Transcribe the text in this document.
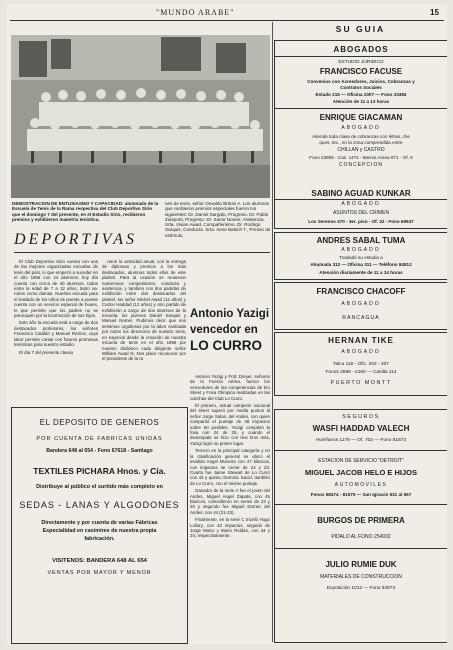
"MUNDO ARABE"	15
DEMOSTRACION DE ENTUSIASMO Y CAPACIDAD: alumnado de la Escuela de Tenis de la Rama respectiva del Club Deportivo Sirio que el domingo 7 del presente, en el Estadio Sirio, recibieron premios y exhibieron maestria tenística.
nes de tenis, señor Osvaldo Britoni A. Los alumnos que recibieron premios especiales fueron los siguientes: Dr. Daniel Sargalo, Progreso. Dr. Pablo Zulepotti, Progreso. Dr. Samir Nomer, Asistencia. Srta. Vivian Awad, Compañerismo. Dr. Rodrigo Sarquis, Conducta. Srta. Irene Baloch T., Premio de estímulo.
DEPORTIVAS

El Club Deportivo Sirio cuenta con una de las mejores organizadas escuelas de tenis del país, lo que empezó a suceder en el año 1966 con 24 alumnos; hoy día cuenta con cerca de 40 alumnos, todos entre la edad de 7 a 12 años, tanto varones como damas. Nuestra escuela para el traslado de los niños de puente a puente cuenta con un servicio especial de buses, lo que permite que los padres no se preocupen por la locomoción de sus hijos.

Este año la escuela está a cargo de dos destacados profesores, los señores Francisco Catalán y Manuel Retiros, cuya labor permite contar con futuros promesas tenísticas para nuestro estadio.

El día 7 del presente clausu

raron la actividad anual, con la entrega de diplomas y premios a los más destacados, alumnos todos ellos de este plantel. Para la ocasión se reunieron numerosos competidores, conducta y asistencia, y también con dos partidas de exhibición entre dos destacados del plantel, los señor Michel Awad (12 años) y Carlos Haddad (12 años) y otro partido de exhibición a cargo de dos alumnos de la escuela, los jóvenes Daniel Sarquis y Manuel Nomer. Pudimos decir que nos sentimos orgullosos por la labor realizada por todos los directores de nuestro tenis, en especial desde la creación de nuestra escuela de tenis en el año 1966 por nuestro dinámico cada dirigente señor William Awad N. Nos place reconocer por el presidente de la ra

Antonio Yazigi
vencedor en
LO CURRO

Antonio Yazigi y Fritz Dreyer, señores de la Fuerza Aérea, fueron los vencedores de las competencias de tiro Skeet y Fosa Olímpica realizadas en las canchas del Club Lo Curro.

El primero, actual campeón nacional del skeet superó por media puntos al señor Jorge Salas, del Andes, con quien compartió el puntaje de 48 impactos sobre 50 posibles. Yazigi completó la fosa con 24 de 25, y cuando el desempate se hizo con tres tiros más, Yazigi logró su primer lugar.

Tercero en la principal categoría y en la clasificación general se ubicó el invalido Angel Muneira con 47 blancos, con impactos se cerrar de 24 y 23. Cuarto fue Jaime Stewart de Lo Curro con 43 y quinto, Dominic Sacid, también de Lo Curro, con el mismo puntaje.

Ganador de la serie A fue el joven del Andes, Miguel Angel Zapata, con 45 blancos, coincidieron en series de 23 y 20 y segundo fue Miguel Domec del Andes, con 44 (21-23).

Finalmente, en la serie C triunfó Hugo Lollory, con 43 impactos, seguido de Jorge Mutro y Mario Roldán, con 34 y 34, respectivamente.

EL DEPOSITO DE GENEROS
POR CUENTA DE FABRICAS UNIDAS
Bandera 648 al 654 - Fono 67618 - Santiago
TEXTILES PICHARA Hnos. y Cía.
Distribuye al público el surtido más completo en
SEDAS - LANAS Y ALGODONES
Directamente y por cuenta de varias Fábricas
Especialidad en casimires de nuestra propia
fabricación.
VISITENOS: BANDERA 648 AL 654
VENTAS POR MAYOR Y MENOR
SU GUIA
ABOGADOS
ESTUDIO JURIDICO
FRANCISCO FACUSE
Convenios con Acreedores, Juicios, Cobranzas y
Contratos Sociales
Estado 215 — Oficina 1007 — Fono 33384
Atención de 11 a 13 horas
ENRIQUE GIACAMAN
ABOGADO
Atiende toda clase de cobranzas con letras, che
ques, etc., en la zona comprendida entre
CHILLAN y CASTRO
Fono 23905 - Cas. 1471 - Barros Arana 971 - Of. 9
CONCEPCION
SABINO AGUAD KUNKAR
ABOGADO
ASUNTOS DEL CRIMEN
Los Serenos 470 - 3er. piso - Of. 32 - Fono 69947
ANDRES SABAL TUMA
ABOGADO
Trasladó su estudio a
Ahumada 312 — Oficina 311 — Teléfono 84813
Atención diariamente de 11 a 14 horas
FRANCISCO CHACOFF
ABOGADO
RANCAGUA
HERNAN TIKE
ABOGADO
Talca 119 - Ofic. 202 - 207
Fonos 2698 - 2160 — Casilla 114
PUERTO MONTT
SEGUROS
WASFI HADDAD VALECH
Huérfanos 1178 — Of. 702 — Fono 81673
ESTACION DE SERVICIO "DETROIT"
MIGUEL JACOB HELO E HIJOS
AUTOMOVILES
Fonos 58474 - 81575 — San Ignacio 531 al 567
BURGOS DE PRIMERA
PIDALO AL FONO 254932
JULIO RUMIE DUK
MATERIALES DE CONSTRUCCION
Exposición 1012 — Fono 93973
